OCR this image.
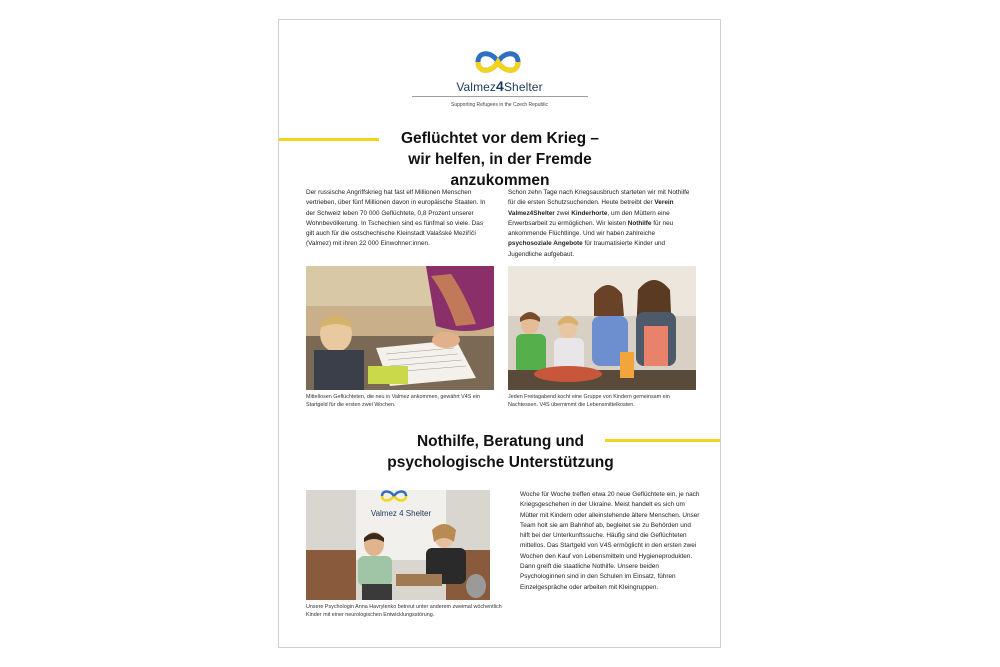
Valmez4Shelter
Supporting Refugees in the Czech Republic
Geflüchtet vor dem Krieg –
wir helfen, in der Fremde anzukommen

Der russische Angriffskrieg hat fast elf Millionen Menschen vertrieben, über fünf Millionen davon in europäische Staaten. In der Schweiz leben 70 000 Geflüchtete, 0,8 Prozent unserer Wohnbevölkerung. In Tschechien sind es fünfmal so viele. Das gilt auch für die ostschechische Kleinstadt Valašské Meziříčí (Valmez) mit ihren 22 000 Einwohner:innen.

Schon zehn Tage nach Kriegsausbruch starteten wir mit Nothilfe für die ersten Schutzsuchenden. Heute betreibt der Verein Valmez4Shelter zwei Kinderhorte, um den Müttern eine Erwerbsarbeit zu ermöglichen. Wir leisten Nothilfe für neu ankommende Flüchtlinge. Und wir haben zahlreiche psychosoziale Angebote für traumatisierte Kinder und Jugendliche aufgebaut.

Mittellosen Geflüchteten, die neu in Valmez ankommen, gewährt V4S ein Startgeld für die ersten zwei Wochen.

Jeden Freitagabend kocht eine Gruppe von Kindern gemeinsam ein Nachtessen. V4S übernimmt die Lebensmittelkosten.

Nothilfe, Beratung und
psychologische Unterstützung
Valmez 4 Shelter

Unsere Psychologin Anna Havrylenko betreut unter anderem zweimal wöchentlich Kinder mit einer neurologischen Entwicklungsstörung.

Woche für Woche treffen etwa 20 neue Geflüchtete ein, je nach Kriegsgeschehen in der Ukraine. Meist handelt es sich um Mütter mit Kindern oder alleinstehende ältere Menschen. Unser Team holt sie am Bahnhof ab, begleitet sie zu Behörden und hilft bei der Unterkunftssuche. Häufig sind die Geflüchteten mittellos. Das Startgeld von V4S ermöglicht in den ersten zwei Wochen den Kauf von Lebensmitteln und Hygieneprodukten. Dann greift die staatliche Nothilfe. Unsere beiden Psychologinnen sind in den Schulen im Einsatz, führen Einzelgespräche oder arbeiten mit Kleingruppen.
